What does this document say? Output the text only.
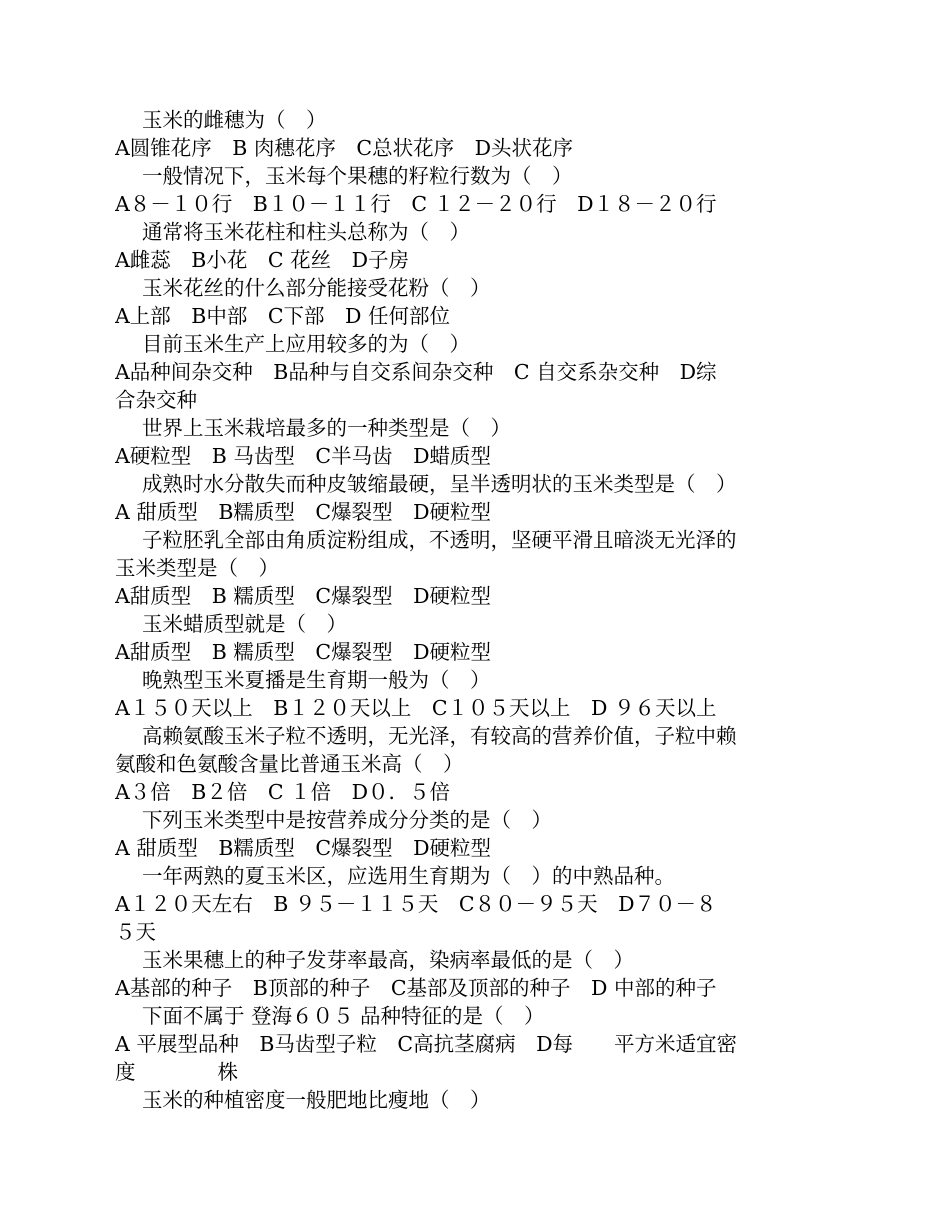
玉米的雌穗为（　）
A圆锥花序　B 肉穗花序　C总状花序　D头状花序
一般情况下，玉米每个果穗的籽粒行数为（　）
A８－１０行　B１０－１１行　C １２－２０行　D１８－２０行
通常将玉米花柱和柱头总称为（　）
A雌蕊　B小花　C 花丝　D子房
玉米花丝的什么部分能接受花粉（　）
A上部　B中部　C下部　D 任何部位
目前玉米生产上应用较多的为（　）
A品种间杂交种　B品种与自交系间杂交种　C 自交系杂交种　D综
合杂交种
世界上玉米栽培最多的一种类型是（　）
A硬粒型　B 马齿型　C半马齿　D蜡质型
成熟时水分散失而种皮皱缩最硬，呈半透明状的玉米类型是（　）
A 甜质型　B糯质型　C爆裂型　D硬粒型
子粒胚乳全部由角质淀粉组成，不透明，坚硬平滑且暗淡无光泽的
玉米类型是（　）
A甜质型　B 糯质型　C爆裂型　D硬粒型
玉米蜡质型就是（　）
A甜质型　B 糯质型　C爆裂型　D硬粒型
晚熟型玉米夏播是生育期一般为（　）
A１５０天以上　B１２０天以上　C１０５天以上　D ９６天以上
高赖氨酸玉米子粒不透明，无光泽，有较高的营养价值，子粒中赖
氨酸和色氨酸含量比普通玉米高（　）
A３倍　B２倍　C １倍　D０．５倍
下列玉米类型中是按营养成分分类的是（　）
A 甜质型　B糯质型　C爆裂型　D硬粒型
一年两熟的夏玉米区，应选用生育期为（　）的中熟品种。
A１２０天左右　B ９５－１１５天　C８０－９５天　D７０－８
５天
玉米果穗上的种子发芽率最高，染病率最低的是（　）
A基部的种子　B顶部的种子　C基部及顶部的种子　D 中部的种子
下面不属于 登海６０５ 品种特征的是（　）
A 平展型品种　B马齿型子粒　C高抗茎腐病　D每　　平方米适宜密
度　　　　株
玉米的种植密度一般肥地比瘦地（　）
